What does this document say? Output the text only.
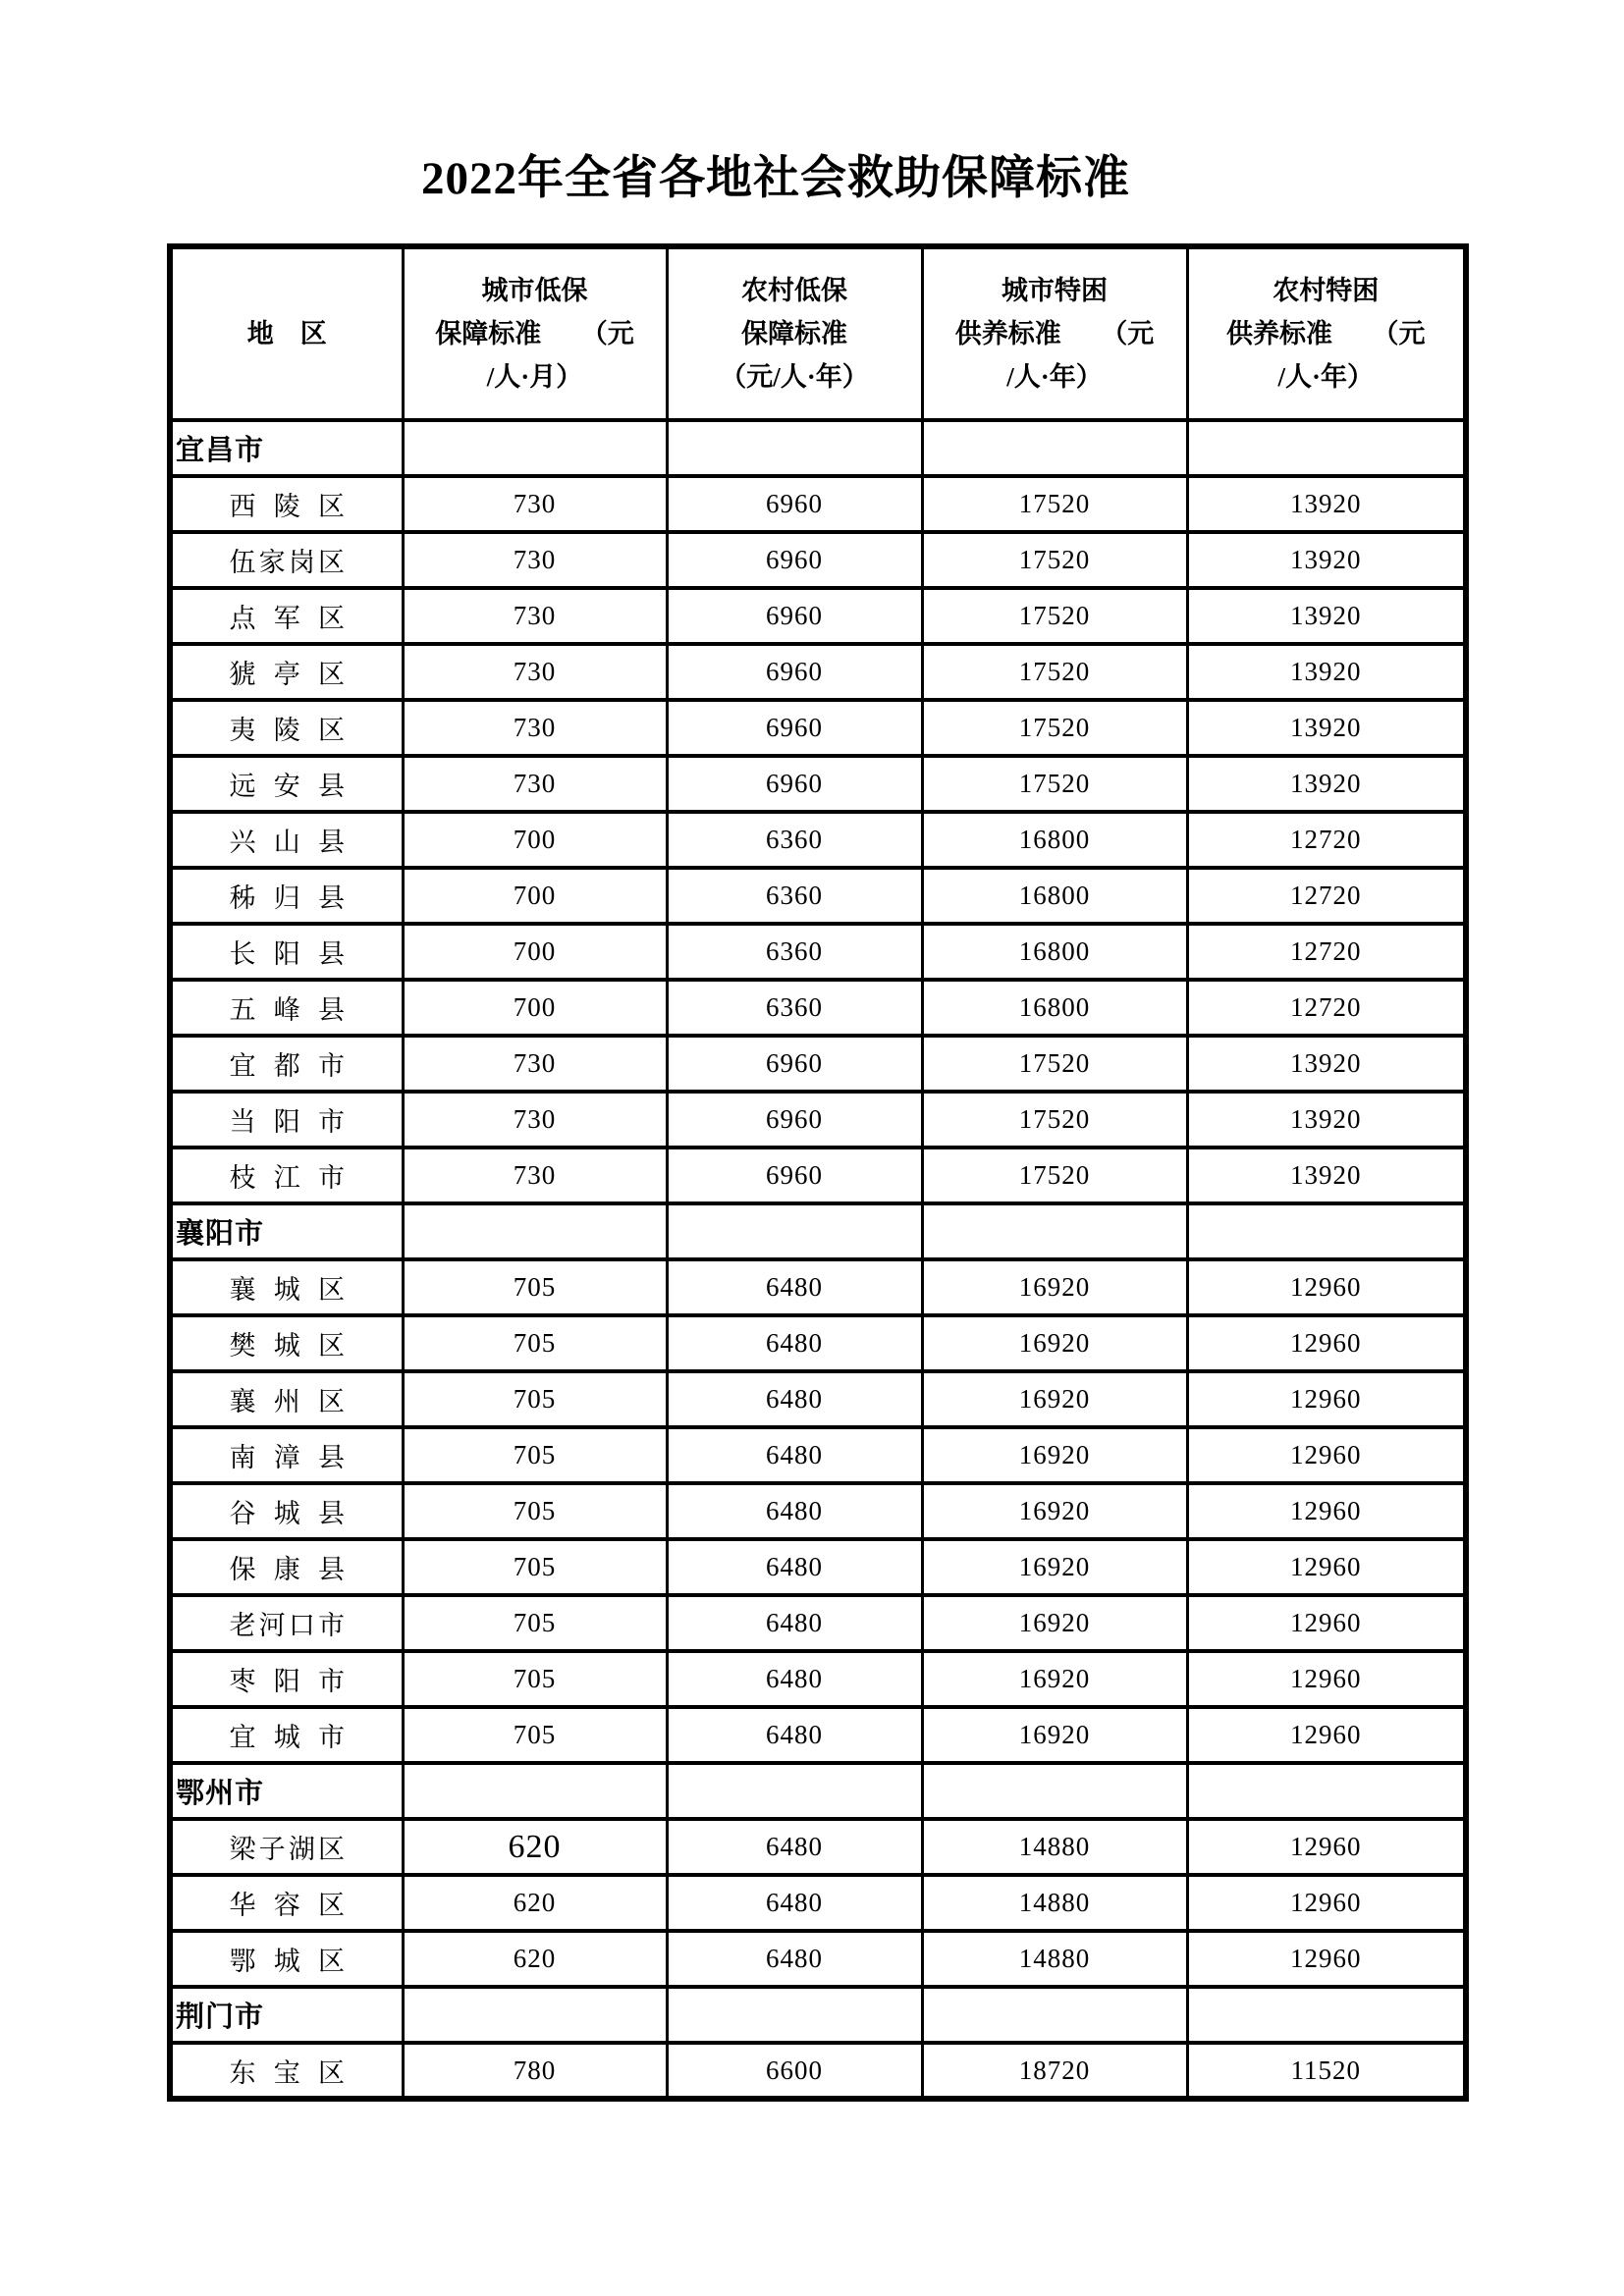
2022年全省各地社会救助保障标准
地　区

城市低保
保障标准　　（元
/人·月）

农村低保
保障标准
（元/人·年）

城市特困
供养标准　　（元
/人·年）

农村特困
供养标准　　（元
/人·年）

宜昌市				
西陵区	730	6960	17520	13920
伍家岗区	730	6960	17520	13920
点军区	730	6960	17520	13920
猇亭区	730	6960	17520	13920
夷陵区	730	6960	17520	13920
远安县	730	6960	17520	13920
兴山县	700	6360	16800	12720
秭归县	700	6360	16800	12720
长阳县	700	6360	16800	12720
五峰县	700	6360	16800	12720
宜都市	730	6960	17520	13920
当阳市	730	6960	17520	13920
枝江市	730	6960	17520	13920
襄阳市				
襄城区	705	6480	16920	12960
樊城区	705	6480	16920	12960
襄州区	705	6480	16920	12960
南漳县	705	6480	16920	12960
谷城县	705	6480	16920	12960
保康县	705	6480	16920	12960
老河口市	705	6480	16920	12960
枣阳市	705	6480	16920	12960
宜城市	705	6480	16920	12960
鄂州市				
梁子湖区	620	6480	14880	12960
华容区	620	6480	14880	12960
鄂城区	620	6480	14880	12960
荆门市				
东宝区	780	6600	18720	11520
